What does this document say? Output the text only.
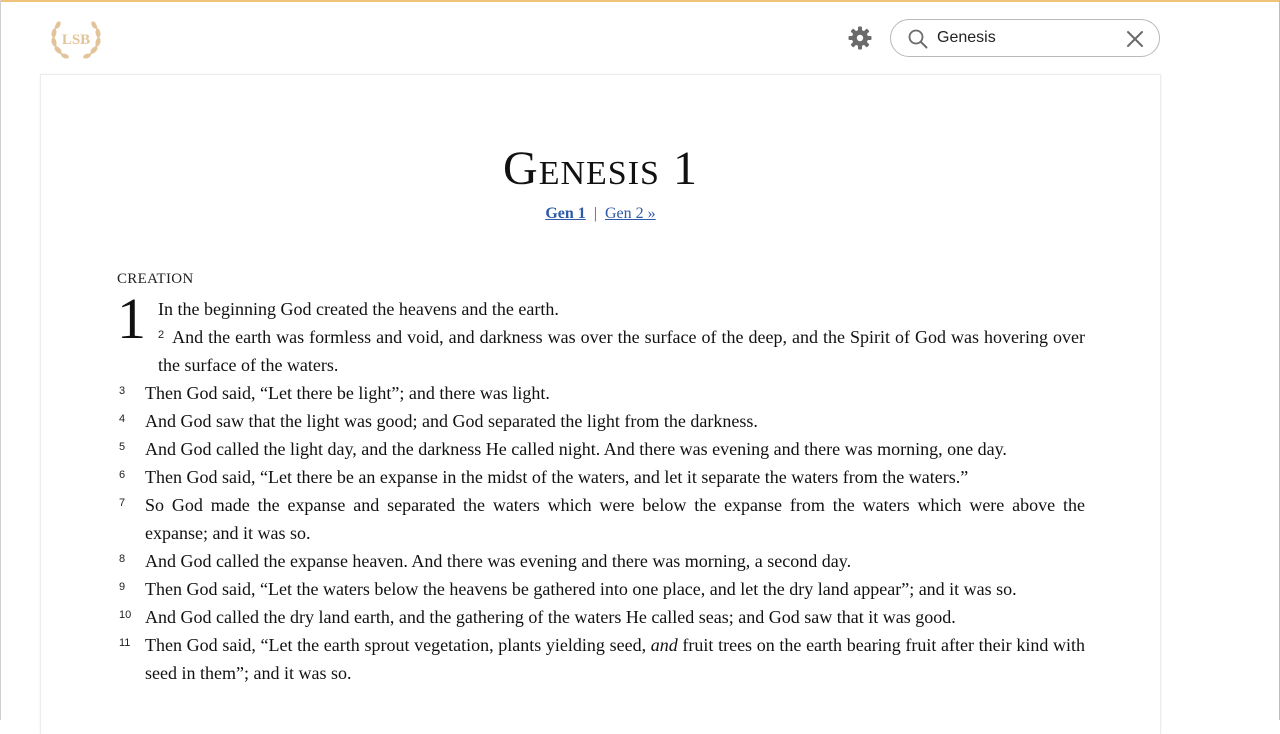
LSB
Genesis
Genesis 1
Gen 1 | Gen 2 »
CREATION

1 In the beginning God created the heavens and the earth.

$^2$ And the earth was formless and void, and darkness was over the surface of the deep, and the Spirit of God was hovering over the surface of the waters.

3 Then God said, “Let there be light”; and there was light.

4 And God saw that the light was good; and God separated the light from the darkness.

5 And God called the light day, and the darkness He called night. And there was evening and there was morning, one day.

6 Then God said, “Let there be an expanse in the midst of the waters, and let it separate the waters from the waters.”

7 So God made the expanse and separated the waters which were below the expanse from the waters which were above the expanse; and it was so.

8 And God called the expanse heaven. And there was evening and there was morning, a second day.

9 Then God said, “Let the waters below the heavens be gathered into one place, and let the dry land appear”; and it was so.

10 And God called the dry land earth, and the gathering of the waters He called seas; and God saw that it was good.

11 Then God said, “Let the earth sprout vegetation, plants yielding seed, and fruit trees on the earth bearing fruit after their kind with seed in them”; and it was so.
